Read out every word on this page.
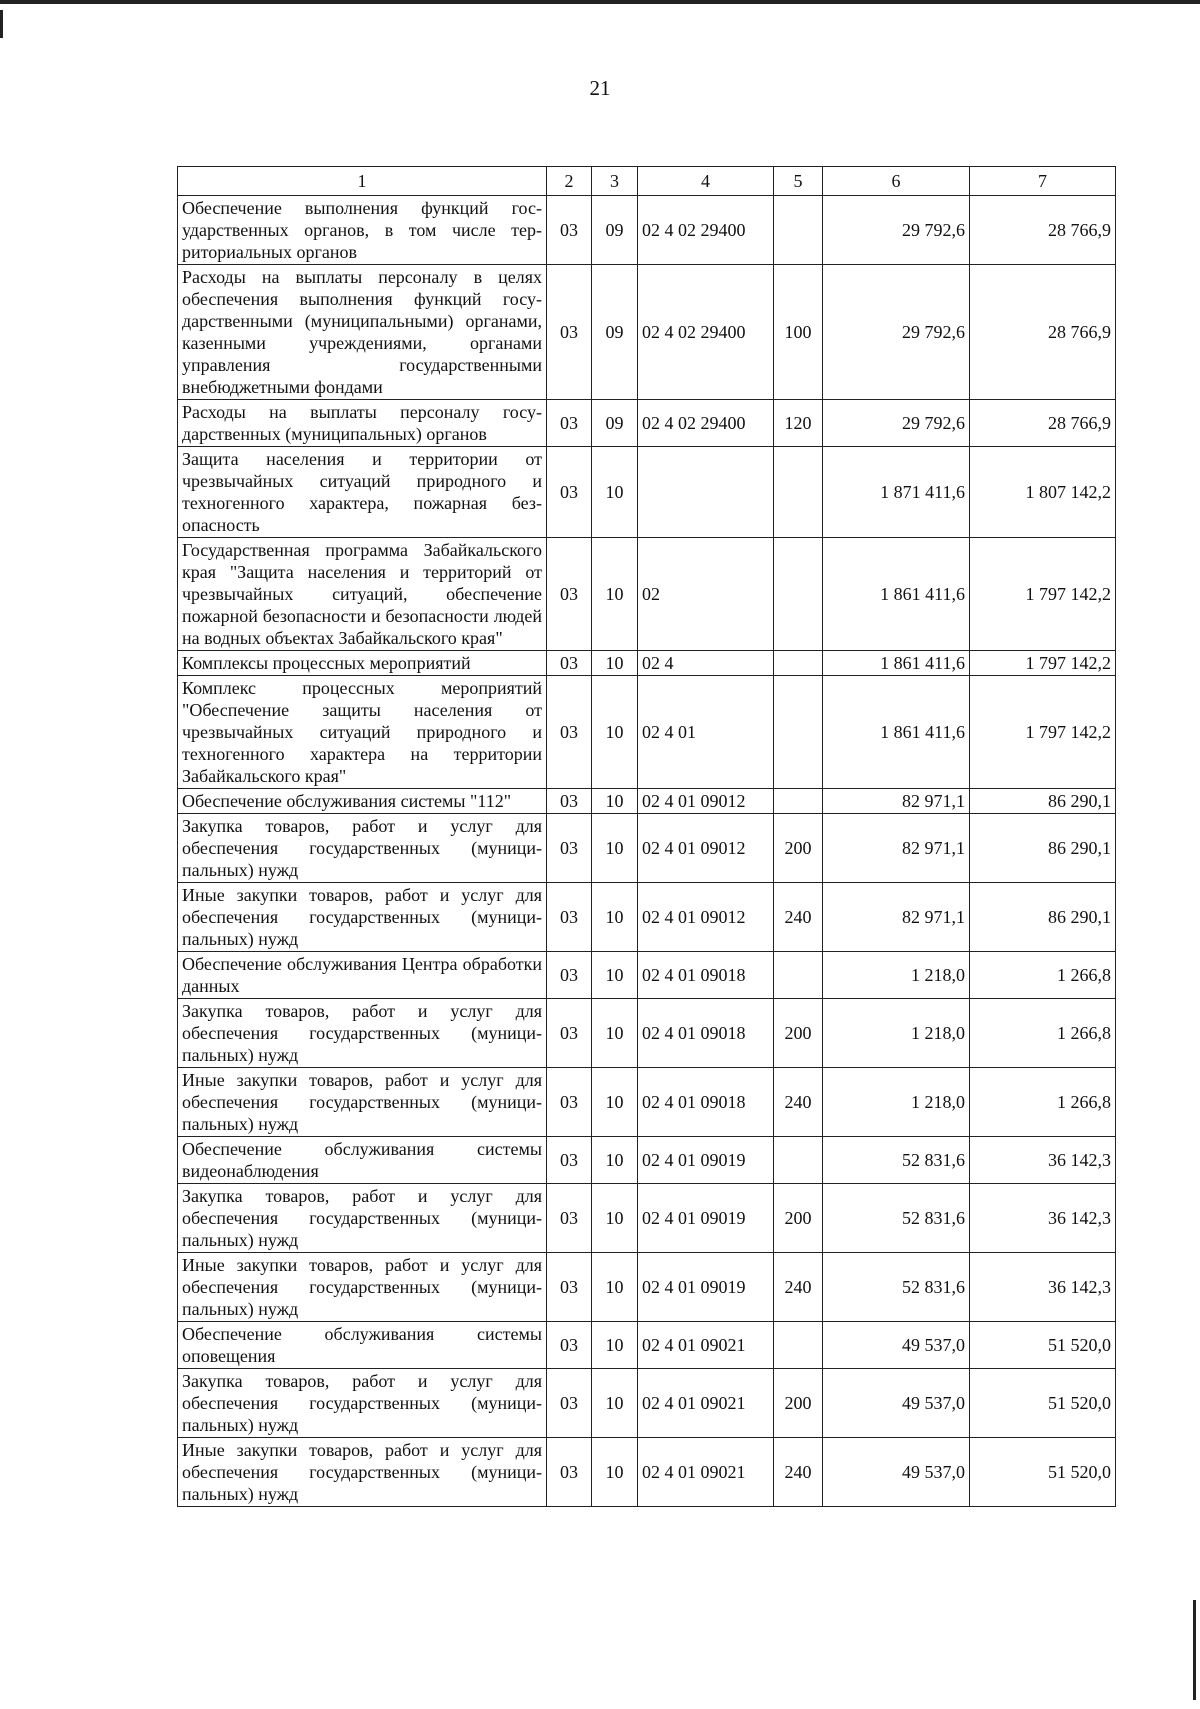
21
1	2	3	4	5	6	7
Обеспечение выполнения функций государственных органов, в том числе территориальных органов	03	09	02 4 02 29400		29 792,6	28 766,9
Расходы на выплаты персоналу в целях обеспечения выполнения функций государственными (муниципальными) органами, казенными учреждениями, органами управления государственными внебюджетными фондами	03	09	02 4 02 29400	100	29 792,6	28 766,9
Расходы на выплаты персоналу государственных (муниципальных) органов	03	09	02 4 02 29400	120	29 792,6	28 766,9
Защита населения и территории от чрезвычайных ситуаций природного и техногенного характера, пожарная безопасность	03	10			1 871 411,6	1 807 142,2
Государственная программа Забайкальского края "Защита населения и территорий от чрезвычайных ситуаций, обеспечение пожарной безопасности и безопасности людей на водных объектах Забайкальского края"	03	10	02		1 861 411,6	1 797 142,2
Комплексы процессных мероприятий	03	10	02 4		1 861 411,6	1 797 142,2
Комплекс процессных мероприятий "Обеспечение защиты населения от чрезвычайных ситуаций природного и техногенного характера на территории Забайкальского края"	03	10	02 4 01		1 861 411,6	1 797 142,2
Обеспечение обслуживания системы "112"	03	10	02 4 01 09012		82 971,1	86 290,1
Закупка товаров, работ и услуг для обеспечения государственных (муниципальных) нужд	03	10	02 4 01 09012	200	82 971,1	86 290,1
Иные закупки товаров, работ и услуг для обеспечения государственных (муниципальных) нужд	03	10	02 4 01 09012	240	82 971,1	86 290,1
Обеспечение обслуживания Центра обработки данных	03	10	02 4 01 09018		1 218,0	1 266,8
Закупка товаров, работ и услуг для обеспечения государственных (муниципальных) нужд	03	10	02 4 01 09018	200	1 218,0	1 266,8
Иные закупки товаров, работ и услуг для обеспечения государственных (муниципальных) нужд	03	10	02 4 01 09018	240	1 218,0	1 266,8
Обеспечение обслуживания системы видеонаблюдения	03	10	02 4 01 09019		52 831,6	36 142,3
Закупка товаров, работ и услуг для обеспечения государственных (муниципальных) нужд	03	10	02 4 01 09019	200	52 831,6	36 142,3
Иные закупки товаров, работ и услуг для обеспечения государственных (муниципальных) нужд	03	10	02 4 01 09019	240	52 831,6	36 142,3
Обеспечение обслуживания системы оповещения	03	10	02 4 01 09021		49 537,0	51 520,0
Закупка товаров, работ и услуг для обеспечения государственных (муниципальных) нужд	03	10	02 4 01 09021	200	49 537,0	51 520,0
Иные закупки товаров, работ и услуг для обеспечения государственных (муниципальных) нужд	03	10	02 4 01 09021	240	49 537,0	51 520,0
